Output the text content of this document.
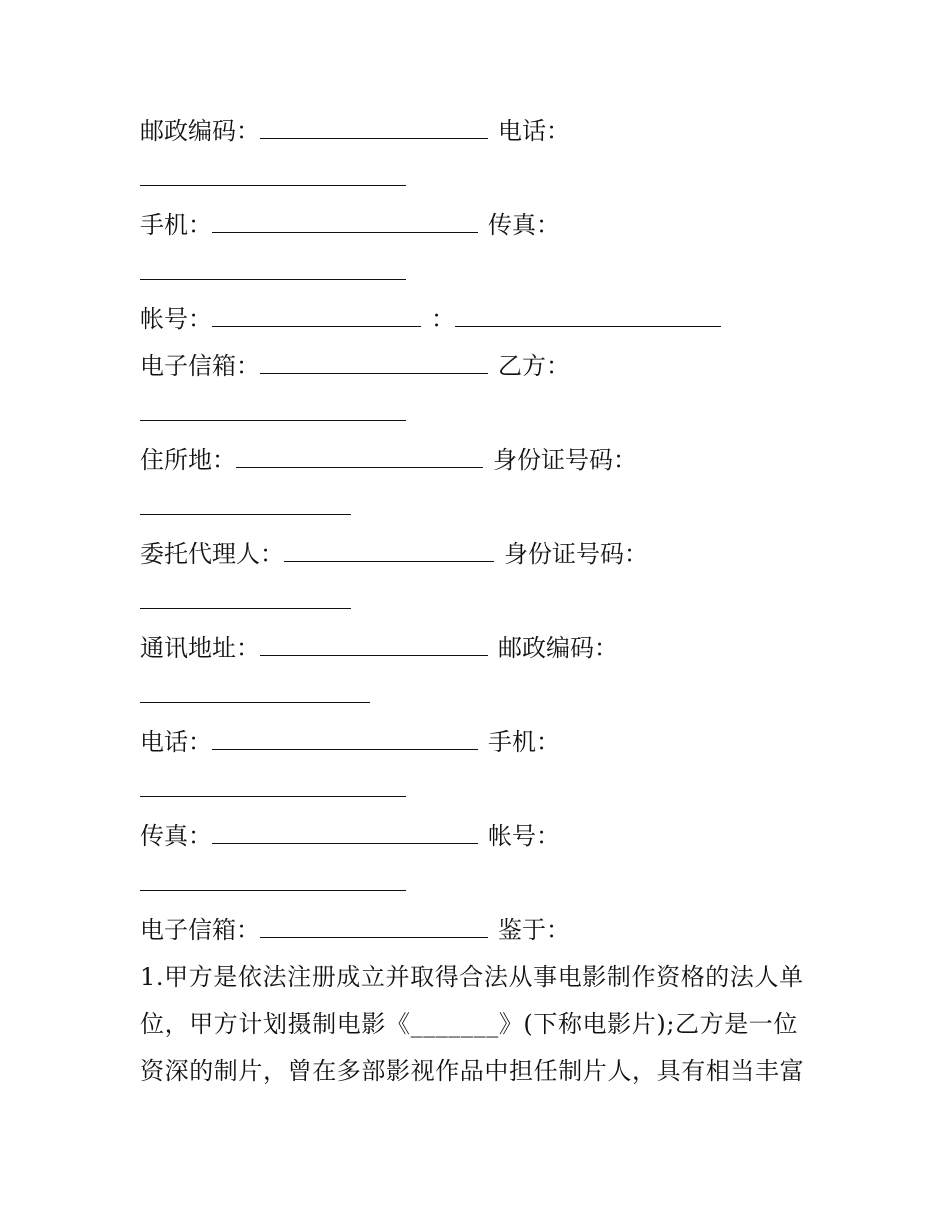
邮政编码：	电话：
手机：	传真：
帐号：	：
电子信箱：	乙方：
住所地：	身份证号码：
委托代理人：	身份证号码：
通讯地址：	邮政编码：
电话：	手机：
传真：	帐号：
电子信箱：	鉴于：
1.甲方是依法注册成立并取得合法从事电影制作资格的法人单
位，甲方计划摄制电影《_______》(下称电影片);乙方是一位
资深的制片，曾在多部影视作品中担任制片人，具有相当丰富
